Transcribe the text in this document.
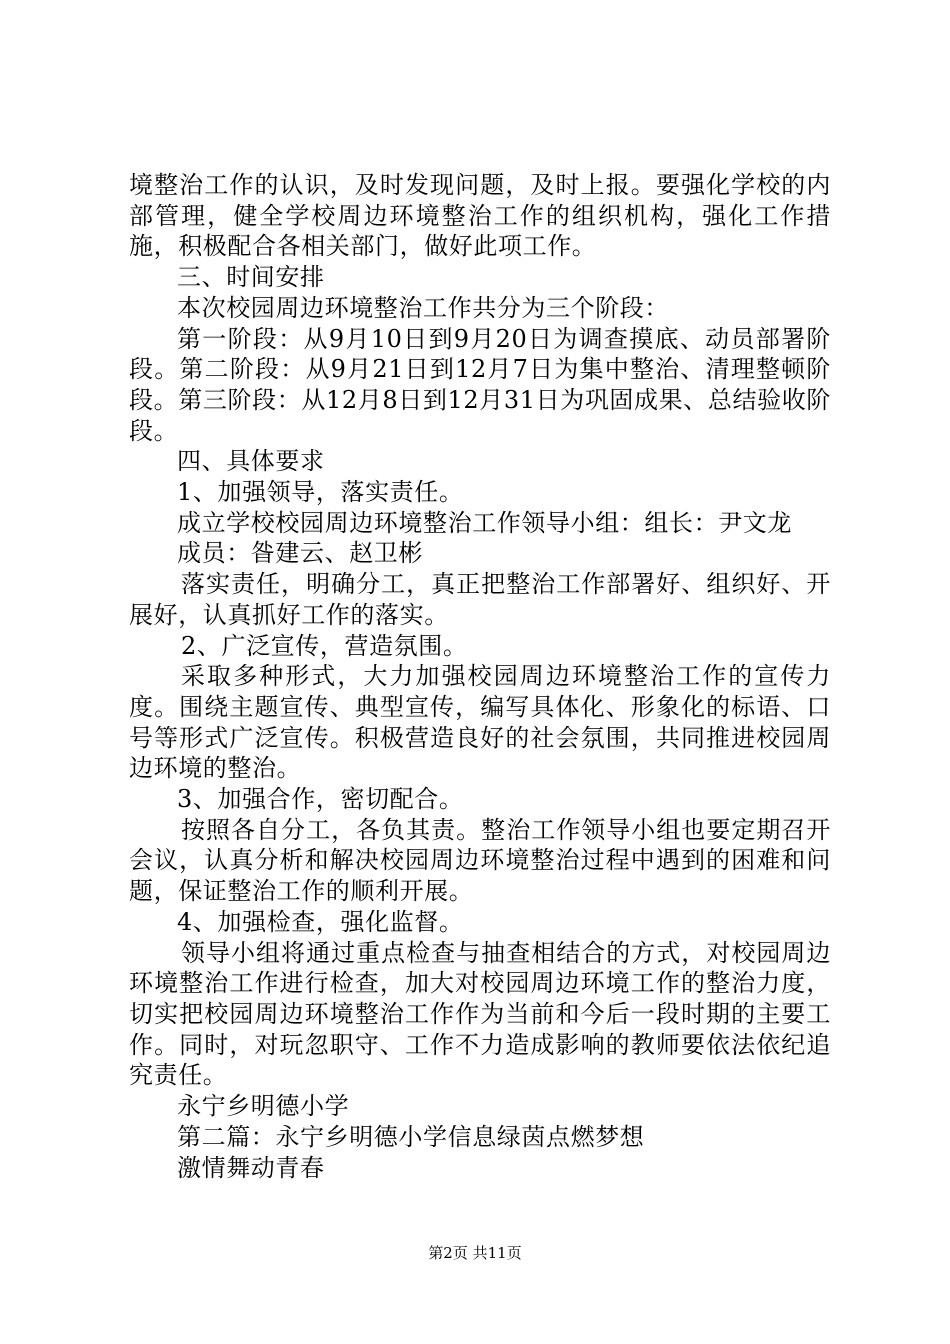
境整治工作的认识，及时发现问题，及时上报。要强化学校的内部管理，健全学校周边环境整治工作的组织机构，强化工作措施，积极配合各相关部门，做好此项工作。

三、时间安排

本次校园周边环境整治工作共分为三个阶段：

第一阶段：从9月10日到9月20日为调查摸底、动员部署阶段。第二阶段：从9月21日到12月7日为集中整治、清理整顿阶段。第三阶段：从12月8日到12月31日为巩固成果、总结验收阶段。

四、具体要求

1、加强领导，落实责任。

成立学校校园周边环境整治工作领导小组：组长：尹文龙

成员：昝建云、赵卫彬

落实责任，明确分工，真正把整治工作部署好、组织好、开展好，认真抓好工作的落实。

2、广泛宣传，营造氛围。

采取多种形式，大力加强校园周边环境整治工作的宣传力度。围绕主题宣传、典型宣传，编写具体化、形象化的标语、口号等形式广泛宣传。积极营造良好的社会氛围，共同推进校园周边环境的整治。

3、加强合作，密切配合。

按照各自分工，各负其责。整治工作领导小组也要定期召开会议，认真分析和解决校园周边环境整治过程中遇到的困难和问题，保证整治工作的顺利开展。

4、加强检查，强化监督。

领导小组将通过重点检查与抽查相结合的方式，对校园周边环境整治工作进行检查，加大对校园周边环境工作的整治力度，切实把校园周边环境整治工作作为当前和今后一段时期的主要工作。同时，对玩忽职守、工作不力造成影响的教师要依法依纪追究责任。

永宁乡明德小学

第二篇：永宁乡明德小学信息绿茵点燃梦想

激情舞动青春

第2页 共11页
